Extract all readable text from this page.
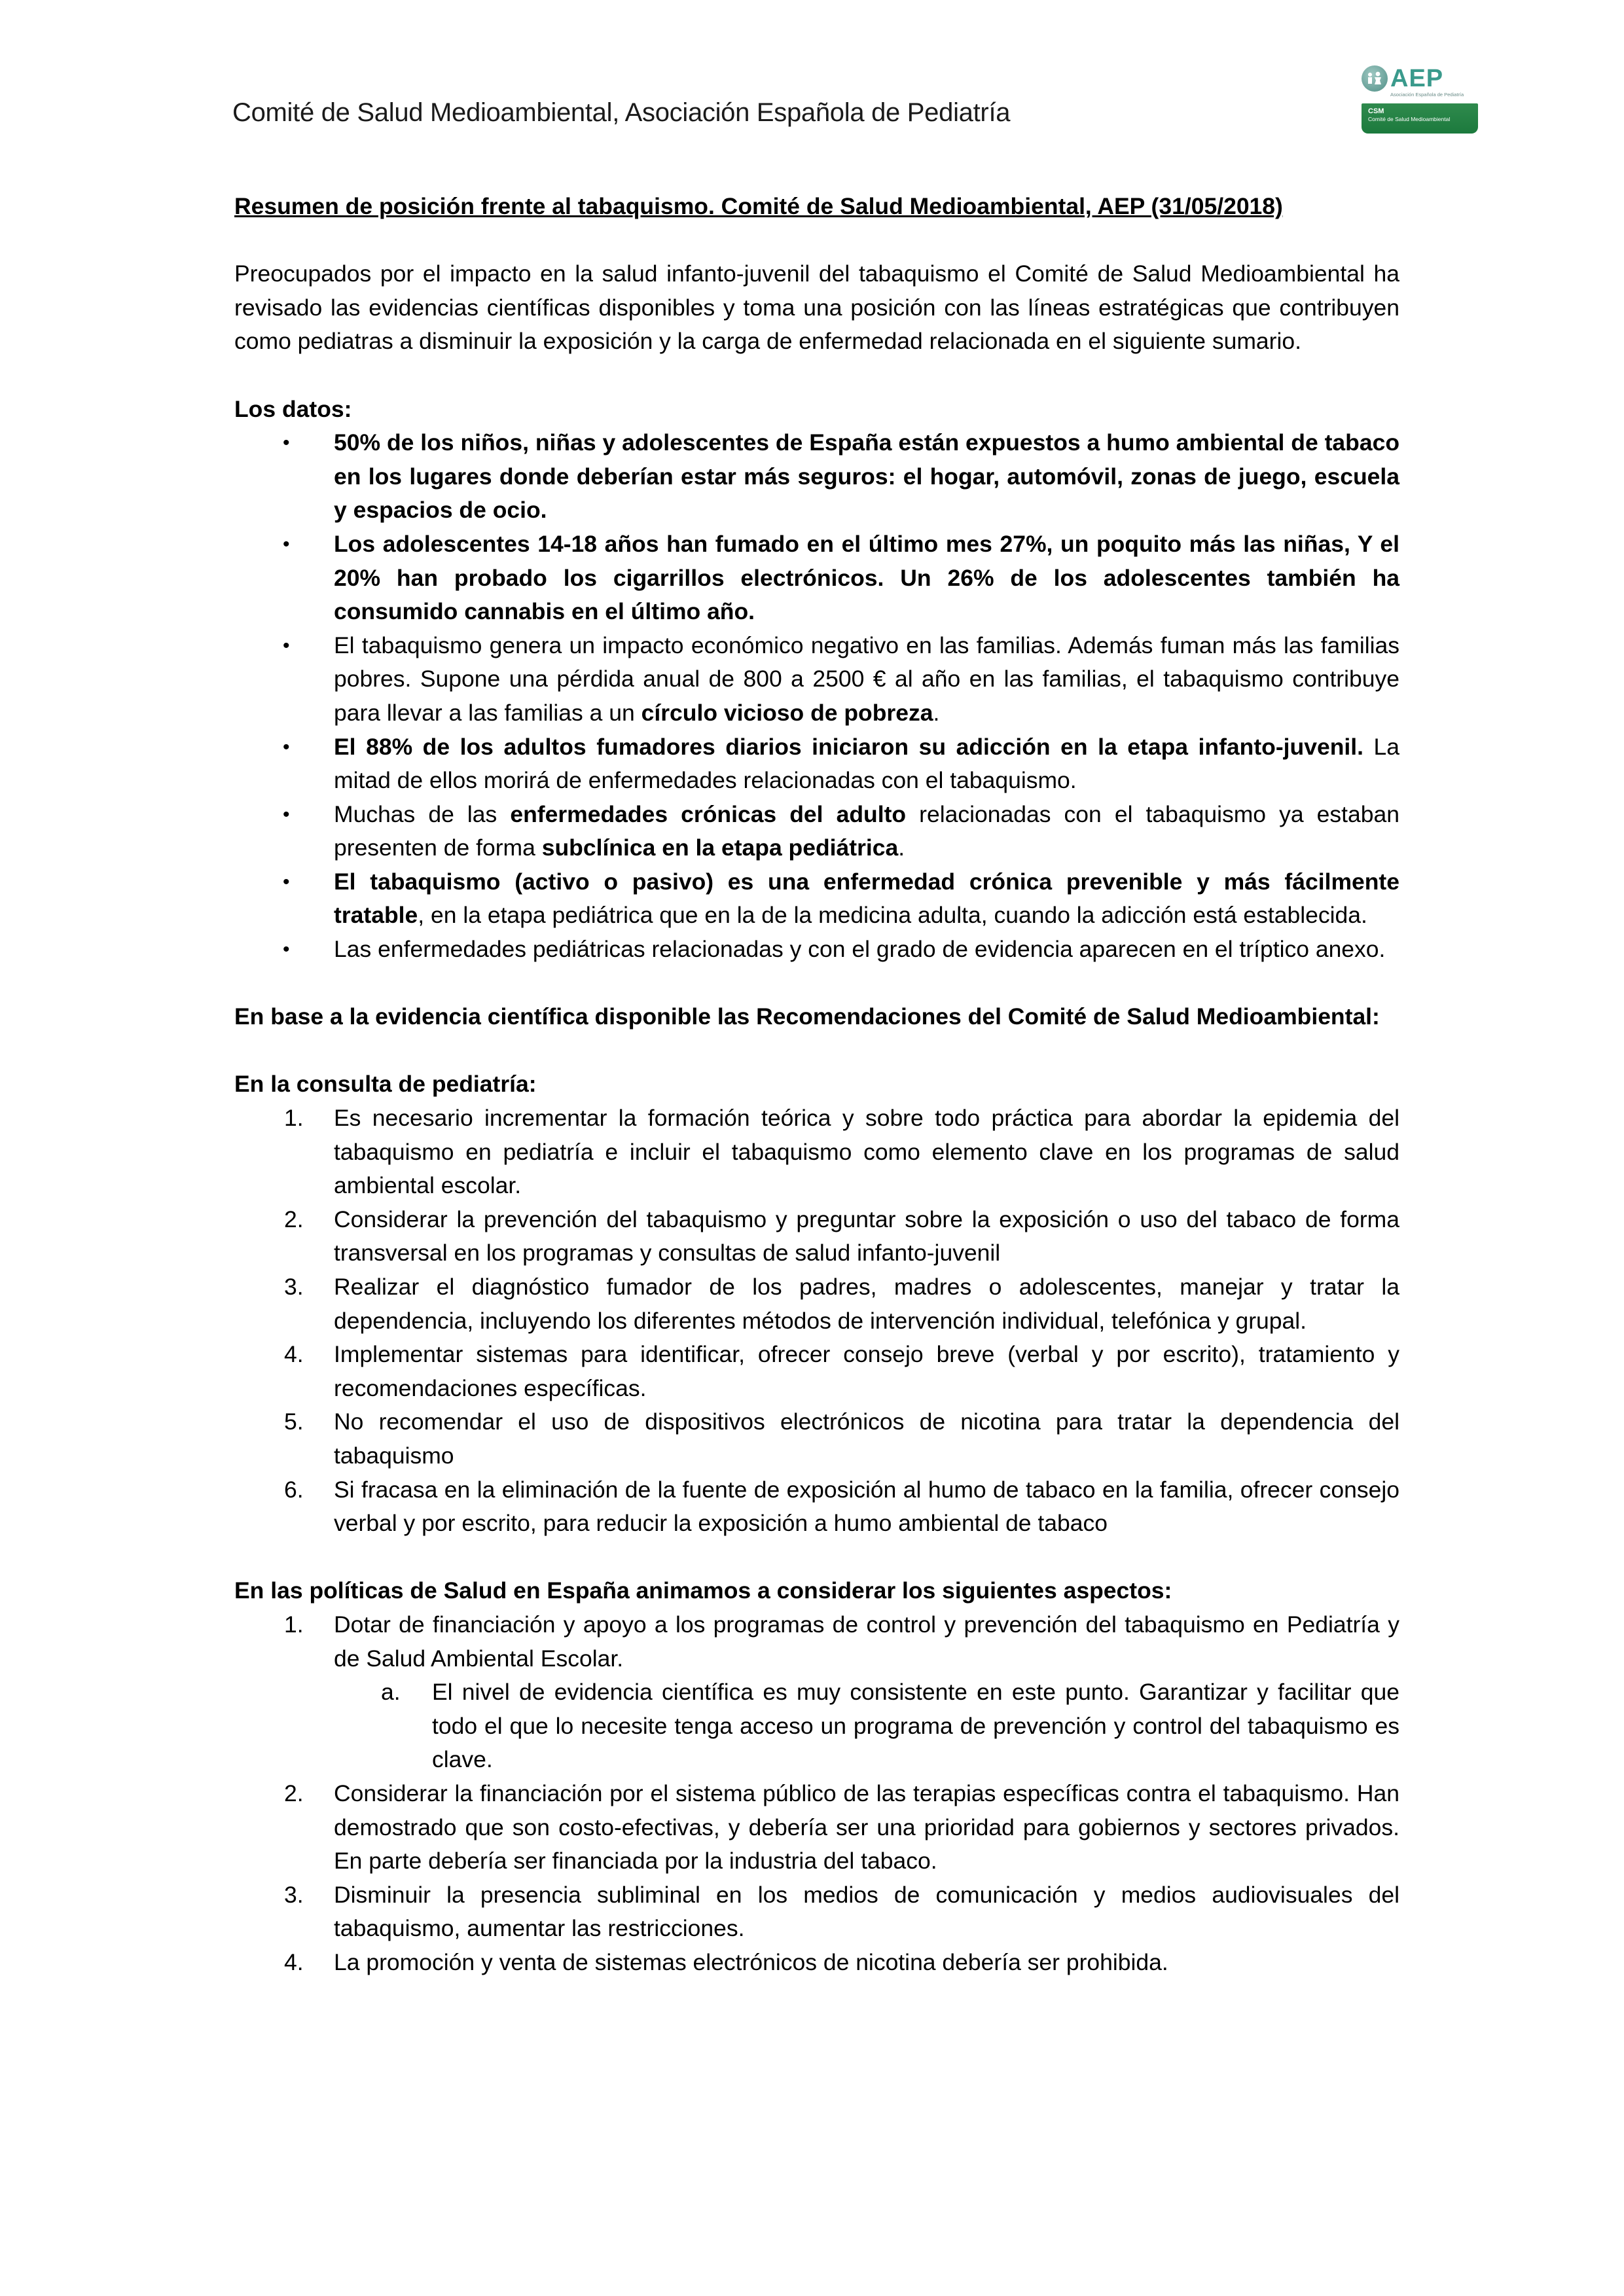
Comité de Salud Medioambiental, Asociación Española de Pediatría
AEP
Asociación Española de Pediatría
CSM
Comité de Salud Medioambiental

Resumen de posición frente al tabaquismo. Comité de Salud Medioambiental, AEP (31/05/2018)

Preocupados por el impacto en la salud infanto-juvenil del tabaquismo el Comité de Salud Medioambiental ha revisado las evidencias científicas disponibles y toma una posición con las líneas estratégicas que contribuyen como pediatras a disminuir la exposición y la carga de enfermedad relacionada en el siguiente sumario.

Los datos:

• 50% de los niños, niñas y adolescentes de España están expuestos a humo ambiental de tabaco en los lugares donde deberían estar más seguros: el hogar, automóvil, zonas de juego, escuela y espacios de ocio.
• Los adolescentes 14-18 años han fumado en el último mes 27%, un poquito más las niñas, Y el 20% han probado los cigarrillos electrónicos. Un 26% de los adolescentes también ha consumido cannabis en el último año.
• El tabaquismo genera un impacto económico negativo en las familias. Además fuman más las familias pobres. Supone una pérdida anual de 800 a 2500 € al año en las familias, el tabaquismo contribuye para llevar a las familias a un círculo vicioso de pobreza.
• El 88% de los adultos fumadores diarios iniciaron su adicción en la etapa infanto-juvenil. La mitad de ellos morirá de enfermedades relacionadas con el tabaquismo.
• Muchas de las enfermedades crónicas del adulto relacionadas con el tabaquismo ya estaban presenten de forma subclínica en la etapa pediátrica.
• El tabaquismo (activo o pasivo) es una enfermedad crónica prevenible y más fácilmente tratable, en la etapa pediátrica que en la de la medicina adulta, cuando la adicción está establecida.
• Las enfermedades pediátricas relacionadas y con el grado de evidencia aparecen en el tríptico anexo.

En base a la evidencia científica disponible las Recomendaciones del Comité de Salud Medioambiental:

En la consulta de pediatría:

1. Es necesario incrementar la formación teórica y sobre todo práctica para abordar la epidemia del tabaquismo en pediatría e incluir el tabaquismo como elemento clave en los programas de salud ambiental escolar.
2. Considerar la prevención del tabaquismo y preguntar sobre la exposición o uso del tabaco de forma transversal en los programas y consultas de salud infanto-juvenil
3. Realizar el diagnóstico fumador de los padres, madres o adolescentes, manejar y tratar la dependencia, incluyendo los diferentes métodos de intervención individual, telefónica y grupal.
4. Implementar sistemas para identificar, ofrecer consejo breve (verbal y por escrito), tratamiento y recomendaciones específicas.
5. No recomendar el uso de dispositivos electrónicos de nicotina para tratar la dependencia del tabaquismo
6. Si fracasa en la eliminación de la fuente de exposición al humo de tabaco en la familia, ofrecer consejo verbal y por escrito, para reducir la exposición a humo ambiental de tabaco

En las políticas de Salud en España animamos a considerar los siguientes aspectos:

1. Dotar de financiación y apoyo a los programas de control y prevención del tabaquismo en Pediatría y de Salud Ambiental Escolar.
a. El nivel de evidencia científica es muy consistente en este punto. Garantizar y facilitar que todo el que lo necesite tenga acceso un programa de prevención y control del tabaquismo es clave.
2. Considerar la financiación por el sistema público de las terapias específicas contra el tabaquismo. Han demostrado que son costo-efectivas, y debería ser una prioridad para gobiernos y sectores privados. En parte debería ser financiada por la industria del tabaco.
3. Disminuir la presencia subliminal en los medios de comunicación y medios audiovisuales del tabaquismo, aumentar las restricciones.
4. La promoción y venta de sistemas electrónicos de nicotina debería ser prohibida.
